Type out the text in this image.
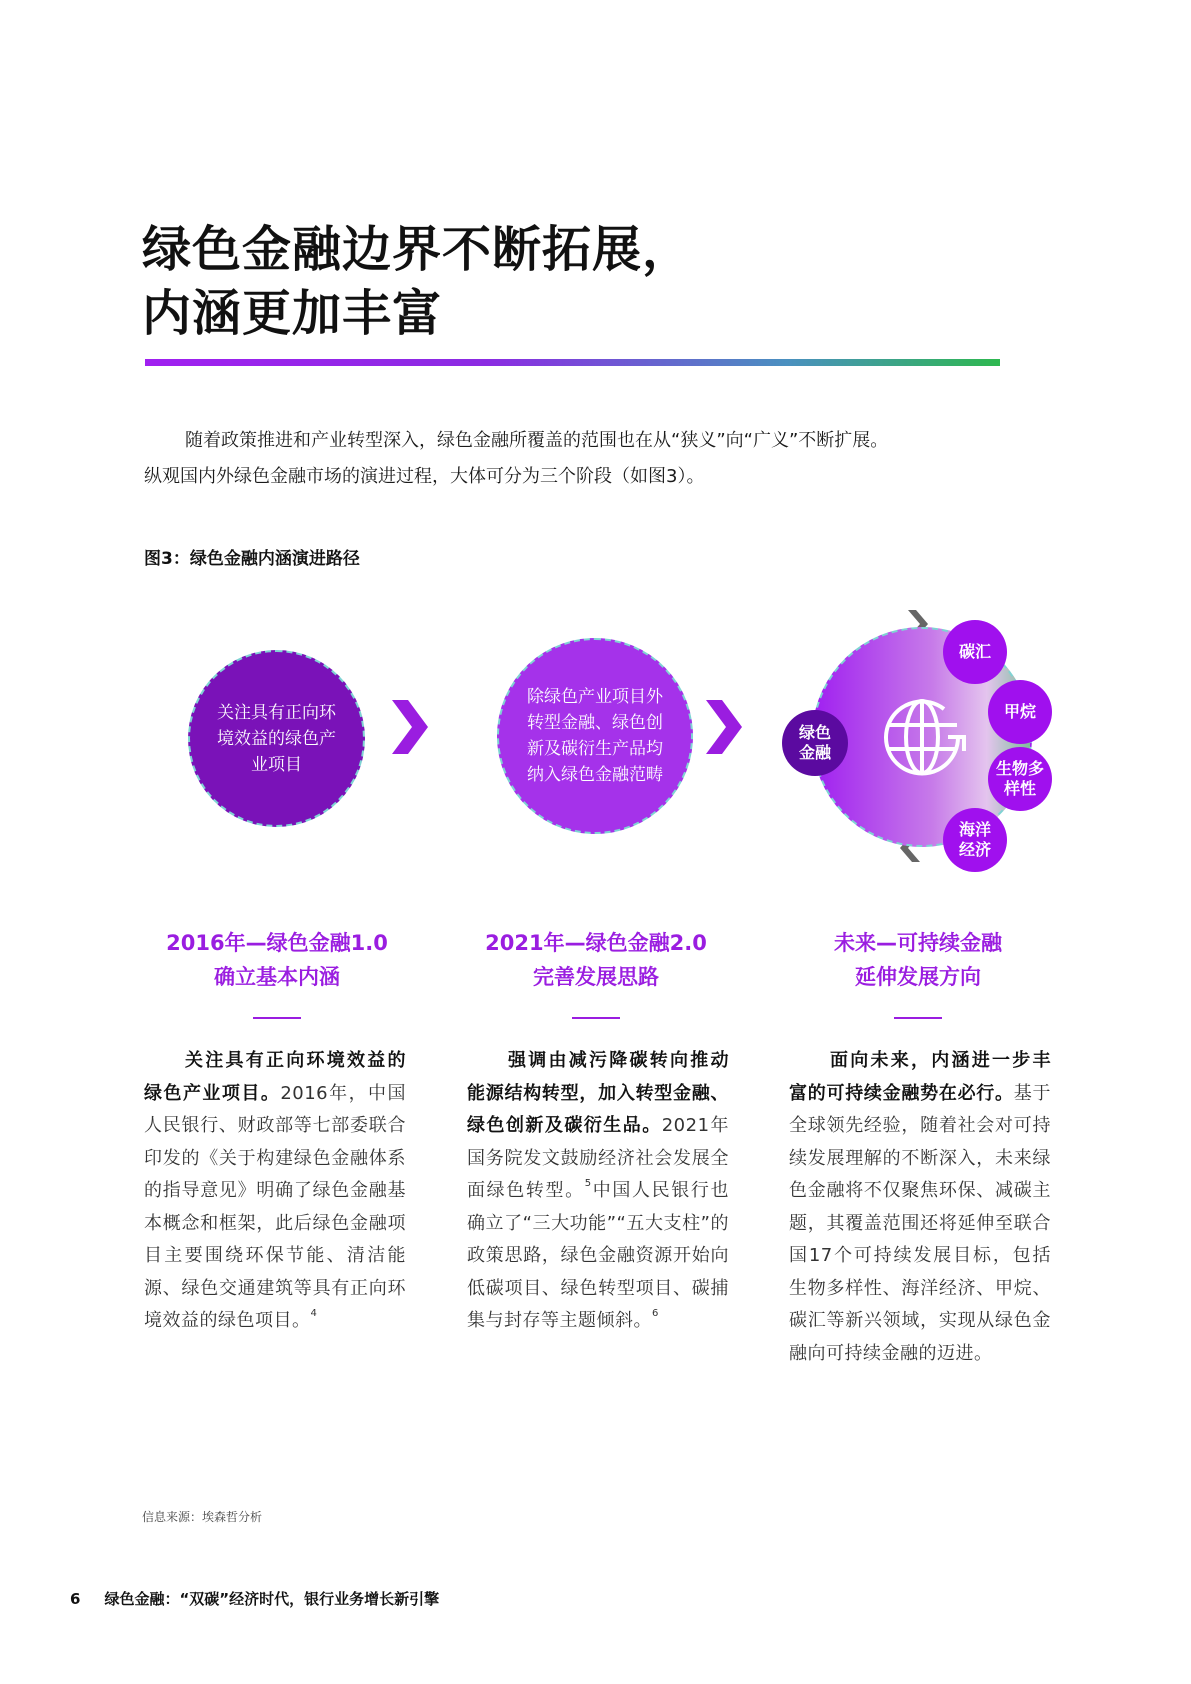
绿色金融边界不断拓展，
内涵更加丰富

随着政策推进和产业转型深入，绿色金融所覆盖的范围也在从“狭义”向“广义”不断扩展。

纵观国内外绿色金融市场的演进过程，大体可分为三个阶段（如图3）。

图3：绿色金融内涵演进路径
关注具有正向环境效益的绿色产业项目
除绿色产业项目外转型金融、绿色创新及碳衍生产品均纳入绿色金融范畴
绿色金融
碳汇
甲烷
生物多样性
海洋经济
2016年—绿色金融1.0
确立基本内涵
2021年—绿色金融2.0
完善发展思路
未来—可持续金融
延伸发展方向
关注具有正向环境效益的绿色产业项目。2016年，中国人民银行、财政部等七部委联合印发的《关于构建绿色金融体系的指导意见》明确了绿色金融基本概念和框架，此后绿色金融项目主要围绕环保节能、清洁能源、绿色交通建筑等具有正向环境效益的绿色项目。$^4$
强调由减污降碳转向推动能源结构转型，加入转型金融、绿色创新及碳衍生品。2021年国务院发文鼓励经济社会发展全面绿色转型。$^5$中国人民银行也确立了“三大功能”“五大支柱”的政策思路，绿色金融资源开始向低碳项目、绿色转型项目、碳捕集与封存等主题倾斜。$^6$
面向未来，内涵进一步丰富的可持续金融势在必行。基于全球领先经验，随着社会对可持续发展理解的不断深入，未来绿色金融将不仅聚焦环保、减碳主题，其覆盖范围还将延伸至联合国17个可持续发展目标，包括生物多样性、海洋经济、甲烷、碳汇等新兴领域，实现从绿色金融向可持续金融的迈进。
信息来源：埃森哲分析
6 绿色金融：“双碳”经济时代，银行业务增长新引擎
